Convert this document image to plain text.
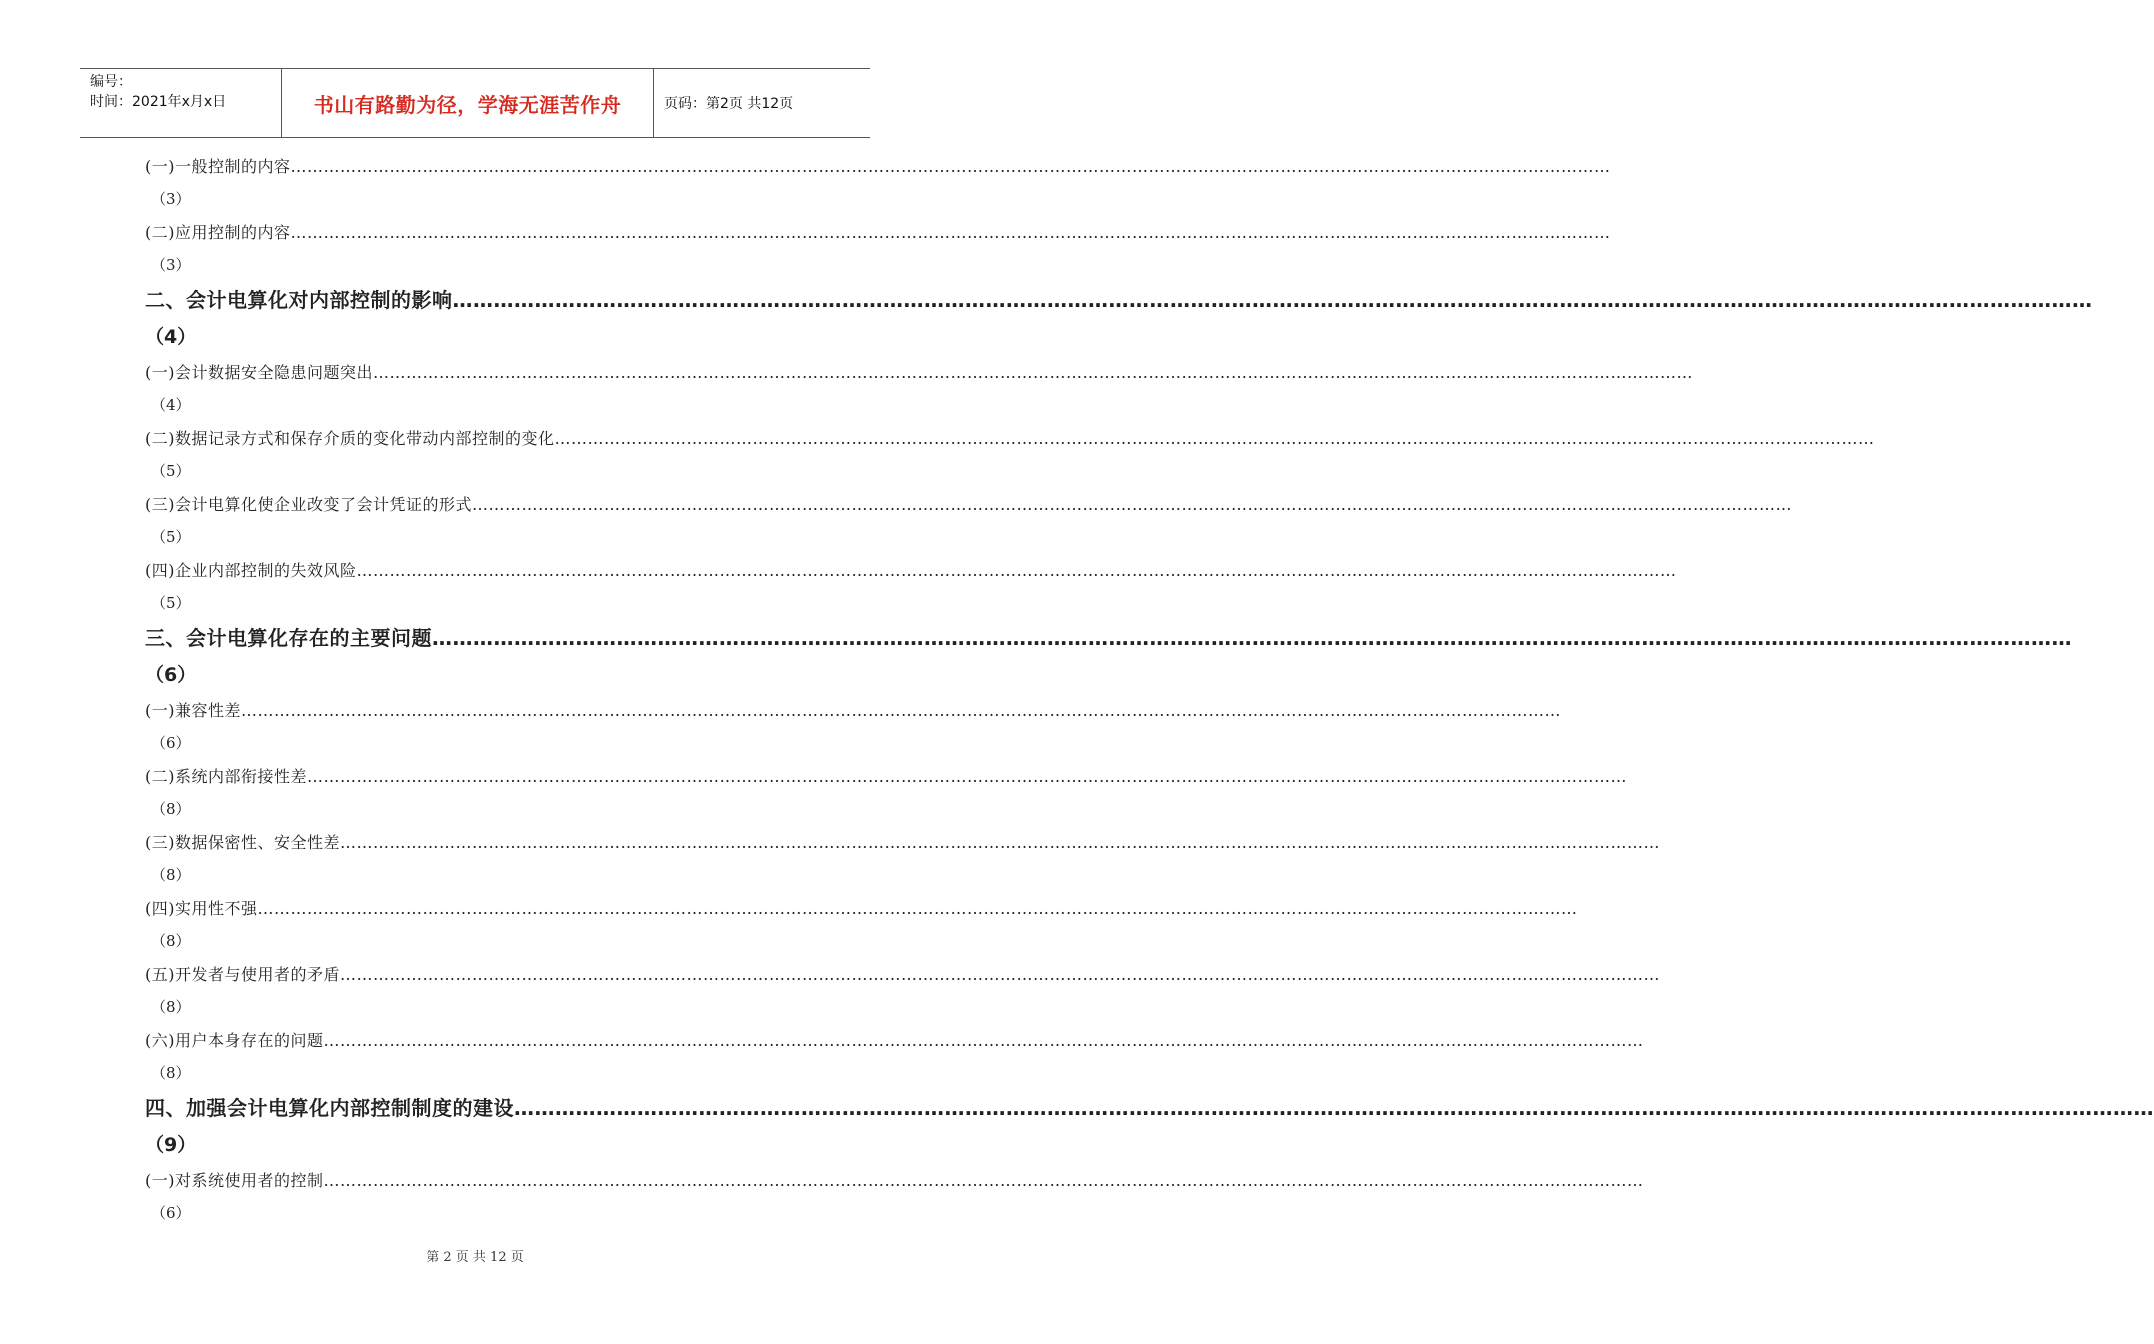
编号：
时间：2021年x月x日	书山有路勤为径，学海无涯苦作舟	页码：第2页 共12页
(一)一般控制的内容……………………………………………………………………………………………………………………………………………………………………………………………………………………
（3）
(二)应用控制的内容……………………………………………………………………………………………………………………………………………………………………………………………………………………
（3）
二、会计电算化对内部控制的影响……………………………………………………………………………………………………………………………………………………………………………………………………………………
（4）
(一)会计数据安全隐患问题突出……………………………………………………………………………………………………………………………………………………………………………………………………………………
（4）
(二)数据记录方式和保存介质的变化带动内部控制的变化……………………………………………………………………………………………………………………………………………………………………………………………………………………
（5）
(三)会计电算化使企业改变了会计凭证的形式……………………………………………………………………………………………………………………………………………………………………………………………………………………
（5）
(四)企业内部控制的失效风险……………………………………………………………………………………………………………………………………………………………………………………………………………………
（5）
三、会计电算化存在的主要问题……………………………………………………………………………………………………………………………………………………………………………………………………………………
（6）
(一)兼容性差……………………………………………………………………………………………………………………………………………………………………………………………………………………
（6）
(二)系统内部衔接性差……………………………………………………………………………………………………………………………………………………………………………………………………………………
（8）
(三)数据保密性、安全性差……………………………………………………………………………………………………………………………………………………………………………………………………………………
（8）
(四)实用性不强……………………………………………………………………………………………………………………………………………………………………………………………………………………
（8）
(五)开发者与使用者的矛盾……………………………………………………………………………………………………………………………………………………………………………………………………………………
（8）
(六)用户本身存在的问题……………………………………………………………………………………………………………………………………………………………………………………………………………………
（8）
四、加强会计电算化内部控制制度的建设……………………………………………………………………………………………………………………………………………………………………………………………………………………
（9）
(一)对系统使用者的控制……………………………………………………………………………………………………………………………………………………………………………………………………………………
（6）
第 2 页 共 12 页
